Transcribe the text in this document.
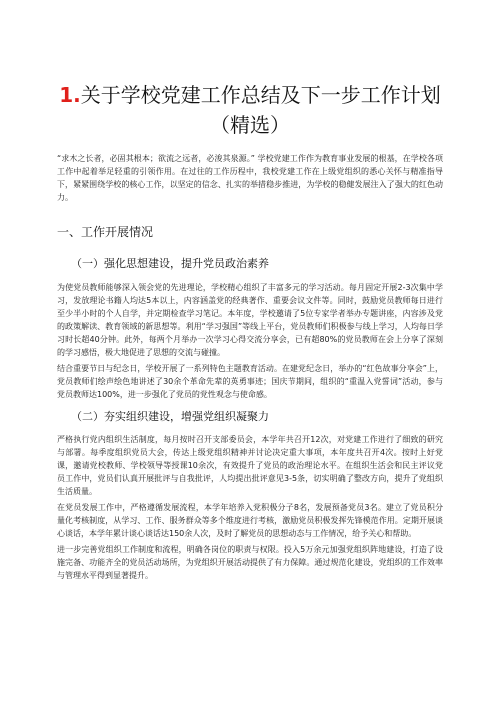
1.关于学校党建工作总结及下一步工作计划（精选）

“求木之长者，必固其根本；欲流之远者，必浚其泉源。” 学校党建工作作为教育事业发展的根基，在学校各项工作中起着举足轻重的引领作用。在过往的工作历程中，我校党建工作在上级党组织的悉心关怀与精准指导下，紧紧围绕学校的核心工作，以坚定的信念、扎实的举措稳步推进，为学校的稳健发展注入了强大的红色动力。

一、工作开展情况
（一）强化思想建设，提升党员政治素养

为使党员教师能够深入领会党的先进理论，学校精心组织了丰富多元的学习活动。每月固定开展2-3次集中学习，发放理论书籍人均达5本以上，内容涵盖党的经典著作、重要会议文件等。同时，鼓励党员教师每日进行至少半小时的个人自学，并定期检查学习笔记。本年度，学校邀请了5位专家学者举办专题讲座，内容涉及党的政策解读、教育领域的新思想等。利用“学习强国”等线上平台，党员教师们积极参与线上学习，人均每日学习时长超40分钟。此外，每两个月举办一次学习心得交流分享会，已有超80%的党员教师在会上分享了深刻的学习感悟，极大地促进了思想的交流与碰撞。

结合重要节日与纪念日，学校开展了一系列特色主题教育活动。在建党纪念日，举办的“红色故事分享会”上，党员教师们绘声绘色地讲述了30余个革命先辈的英勇事迹；国庆节期间，组织的“重温入党誓词”活动，参与党员教师达100%，进一步强化了党员的党性观念与使命感。

（二）夯实组织建设，增强党组织凝聚力

严格执行党内组织生活制度，每月按时召开支部委员会，本学年共召开12次，对党建工作进行了细致的研究与部署。每季度组织党员大会，传达上级党组织精神并讨论决定重大事项，本年度共召开4次。按时上好党课，邀请党校教师、学校领导等授课10余次，有效提升了党员的政治理论水平。在组织生活会和民主评议党员工作中，党员们认真开展批评与自我批评，人均提出批评意见3-5条，切实明确了整改方向，提升了党组织生活质量。

在党员发展工作中，严格遵循发展流程，本学年培养入党积极分子8名，发展预备党员3名。建立了党员积分量化考核制度，从学习、工作、服务群众等多个维度进行考核，激励党员积极发挥先锋模范作用。定期开展谈心谈话，本学年累计谈心谈话达150余人次，及时了解党员的思想动态与工作情况，给予关心和帮助。

进一步完善党组织工作制度和流程，明确各岗位的职责与权限。投入5万余元加强党组织阵地建设，打造了设施完备、功能齐全的党员活动场所，为党组织开展活动提供了有力保障。通过规范化建设，党组织的工作效率与管理水平得到显著提升。
